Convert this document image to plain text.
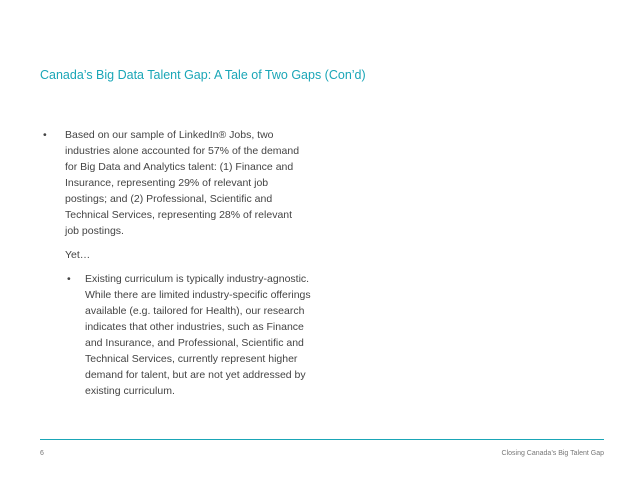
Canada’s Big Data Talent Gap: A Tale of Two Gaps (Con’d)
• Based on our sample of LinkedIn® Jobs, two industries alone accounted for 57% of the demand for Big Data and Analytics talent: (1) Finance and Insurance, representing 29% of relevant job postings; and (2) Professional, Scientific and Technical Services, representing 28% of relevant job postings.
Yet…
• Existing curriculum is typically industry-agnostic. While there are limited industry-specific offerings available (e.g. tailored for Health), our research indicates that other industries, such as Finance and Insurance, and Professional, Scientific and Technical Services, currently represent higher demand for talent, but are not yet addressed by existing curriculum.
6	Closing Canada’s Big Talent Gap
